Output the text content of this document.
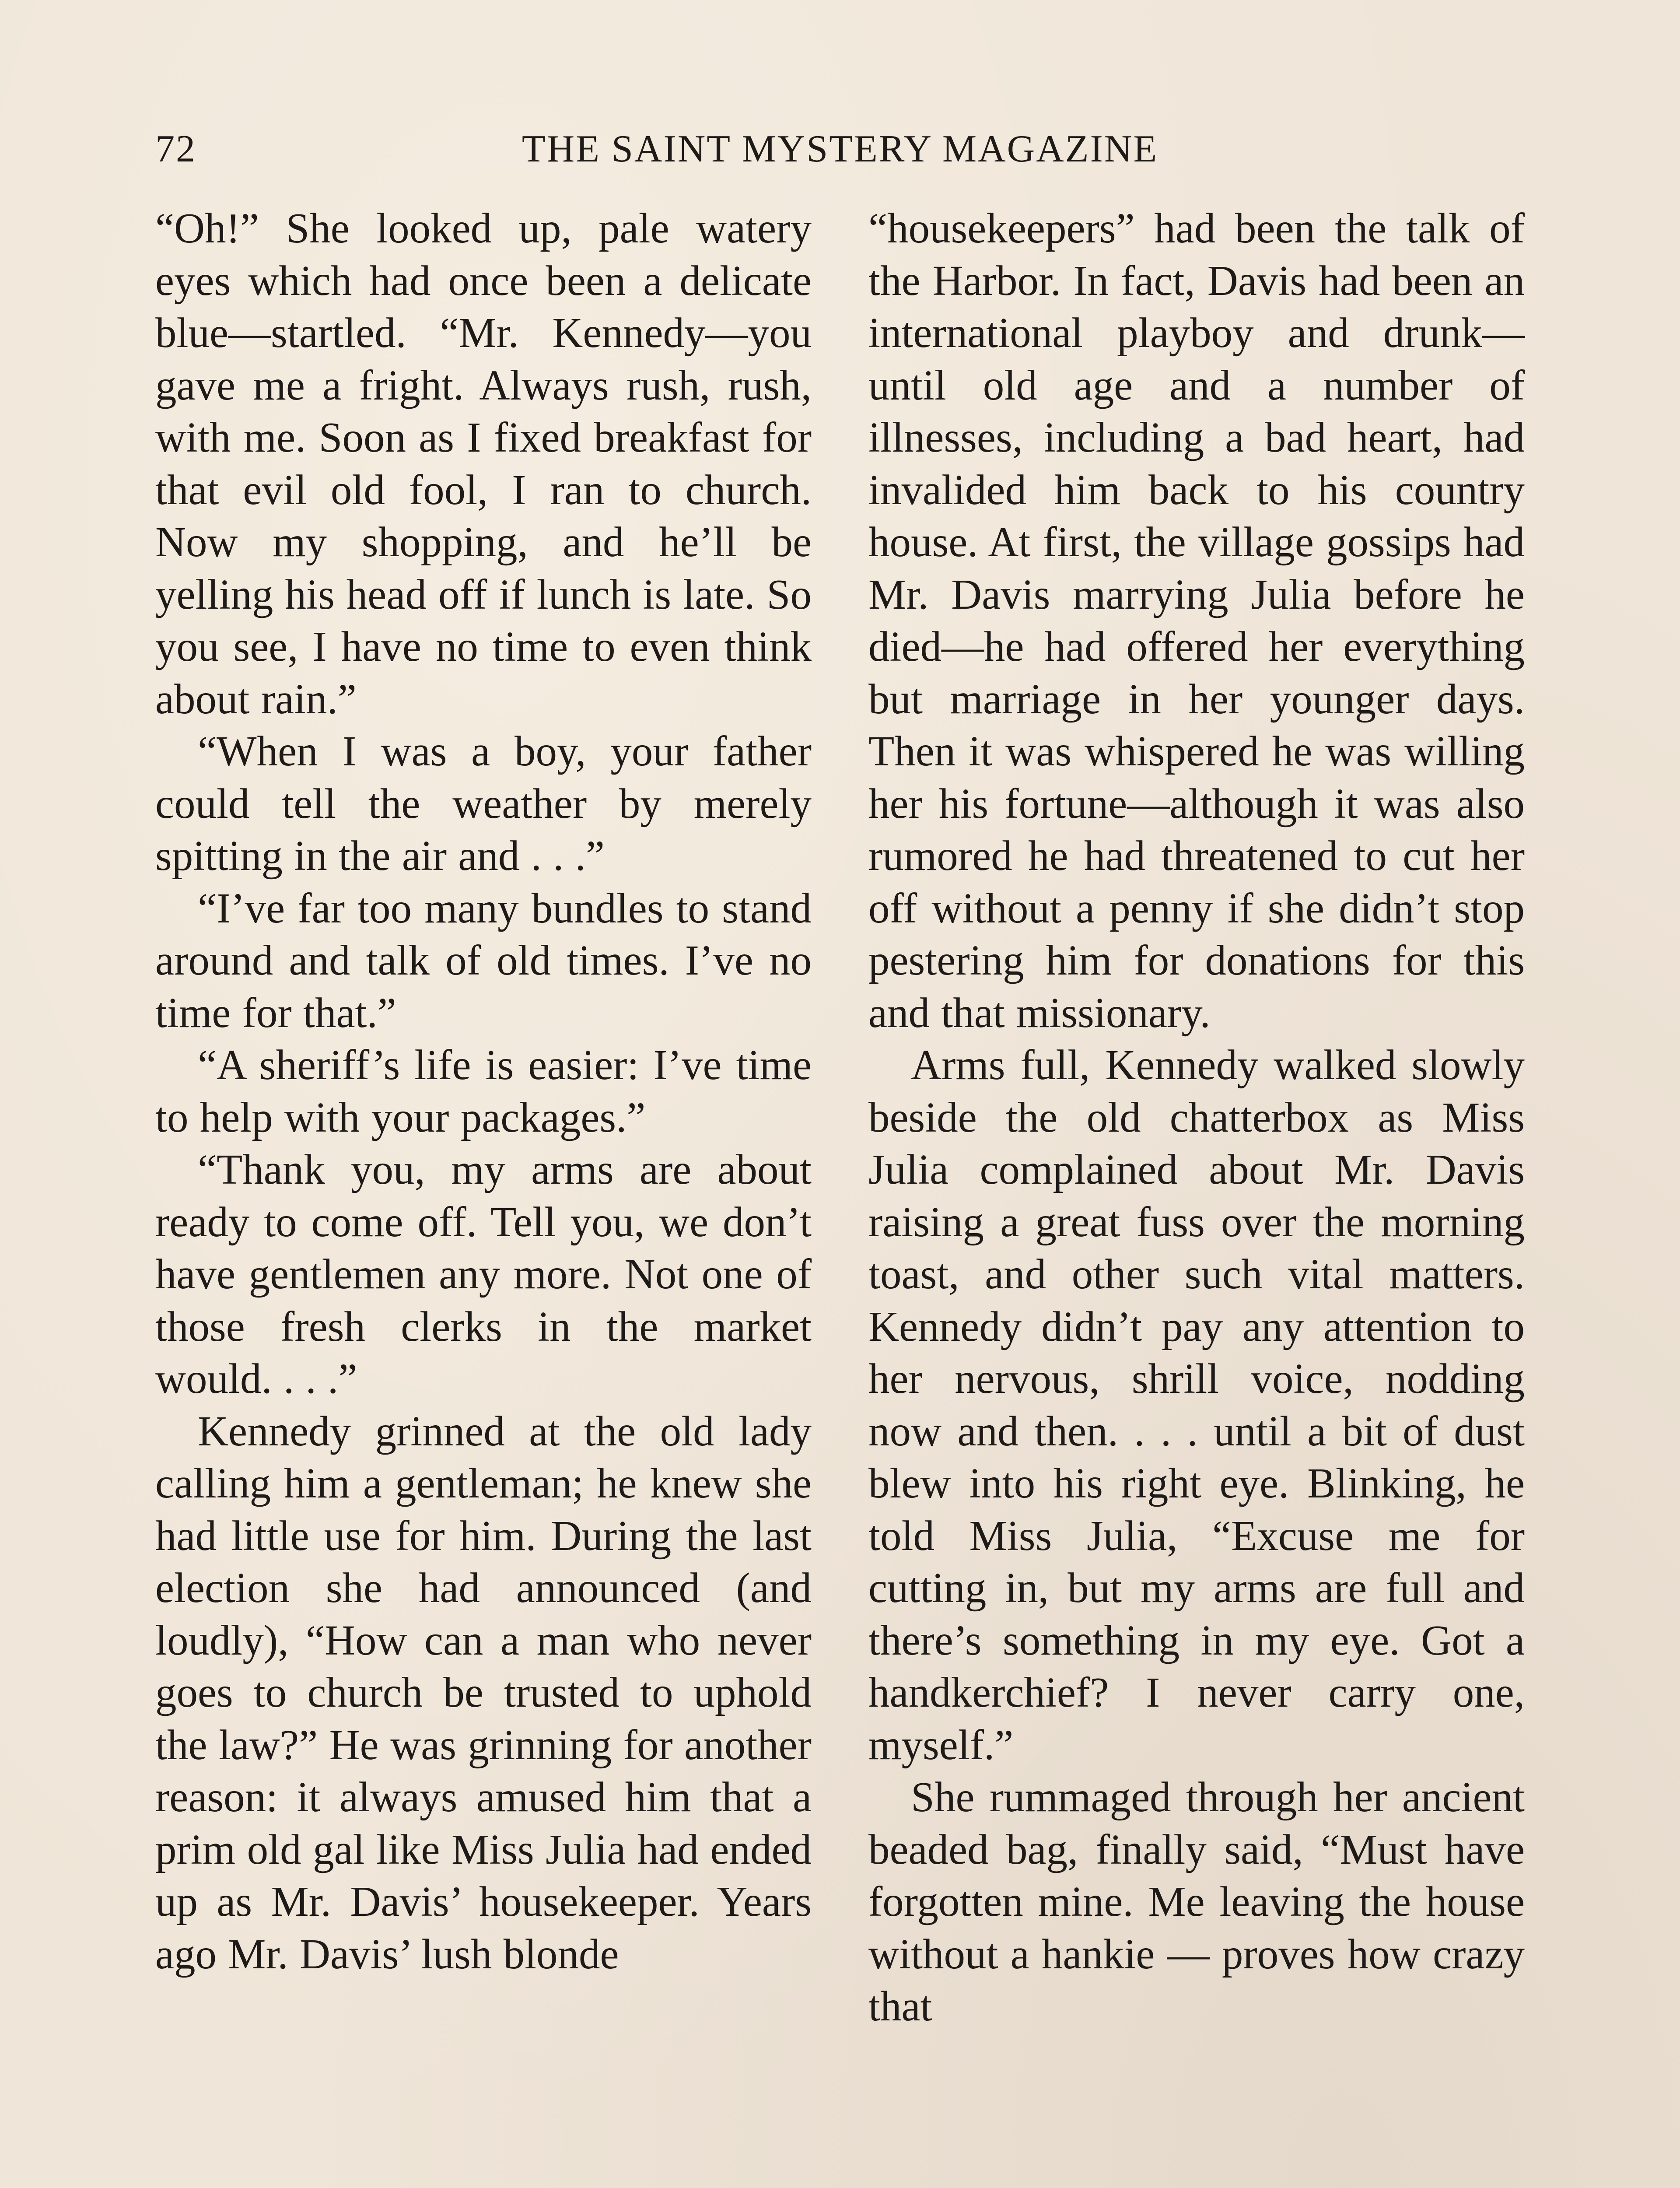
72	THE SAINT MYSTERY MAGAZINE

“Oh!” She looked up, pale watery eyes which had once been a delicate blue—startled. “Mr. Kennedy—you gave me a fright. Always rush, rush, with me. Soon as I fixed breakfast for that evil old fool, I ran to church. Now my shopping, and he’ll be yelling his head off if lunch is late. So you see, I have no time to even think about rain.”

“When I was a boy, your father could tell the weather by merely spitting in the air and . . .”

“I’ve far too many bundles to stand around and talk of old times. I’ve no time for that.”

“A sheriff’s life is easier: I’ve time to help with your packages.”

“Thank you, my arms are about ready to come off. Tell you, we don’t have gentlemen any more. Not one of those fresh clerks in the market would. . . .”

Kennedy grinned at the old lady calling him a gentleman; he knew she had little use for him. During the last election she had announced (and loudly), “How can a man who never goes to church be trusted to uphold the law?” He was grinning for another reason: it always amused him that a prim old gal like Miss Julia had ended up as Mr. Davis’ housekeeper. Years ago Mr. Davis’ lush blonde

“housekeepers” had been the talk of the Harbor. In fact, Davis had been an international playboy and drunk—until old age and a number of illnesses, including a bad heart, had invalided him back to his country house. At first, the village gossips had Mr. Davis marrying Julia before he died—he had offered her everything but marriage in her younger days. Then it was whispered he was willing her his fortune—although it was also rumored he had threatened to cut her off without a penny if she didn’t stop pestering him for donations for this and that missionary.

Arms full, Kennedy walked slowly beside the old chatterbox as Miss Julia complained about Mr. Davis raising a great fuss over the morning toast, and other such vital matters. Kennedy didn’t pay any attention to her nervous, shrill voice, nodding now and then. . . . until a bit of dust blew into his right eye. Blinking, he told Miss Julia, “Excuse me for cutting in, but my arms are full and there’s something in my eye. Got a handkerchief? I never carry one, myself.”

She rummaged through her ancient beaded bag, finally said, “Must have forgotten mine. Me leaving the house without a hankie — proves how crazy that
